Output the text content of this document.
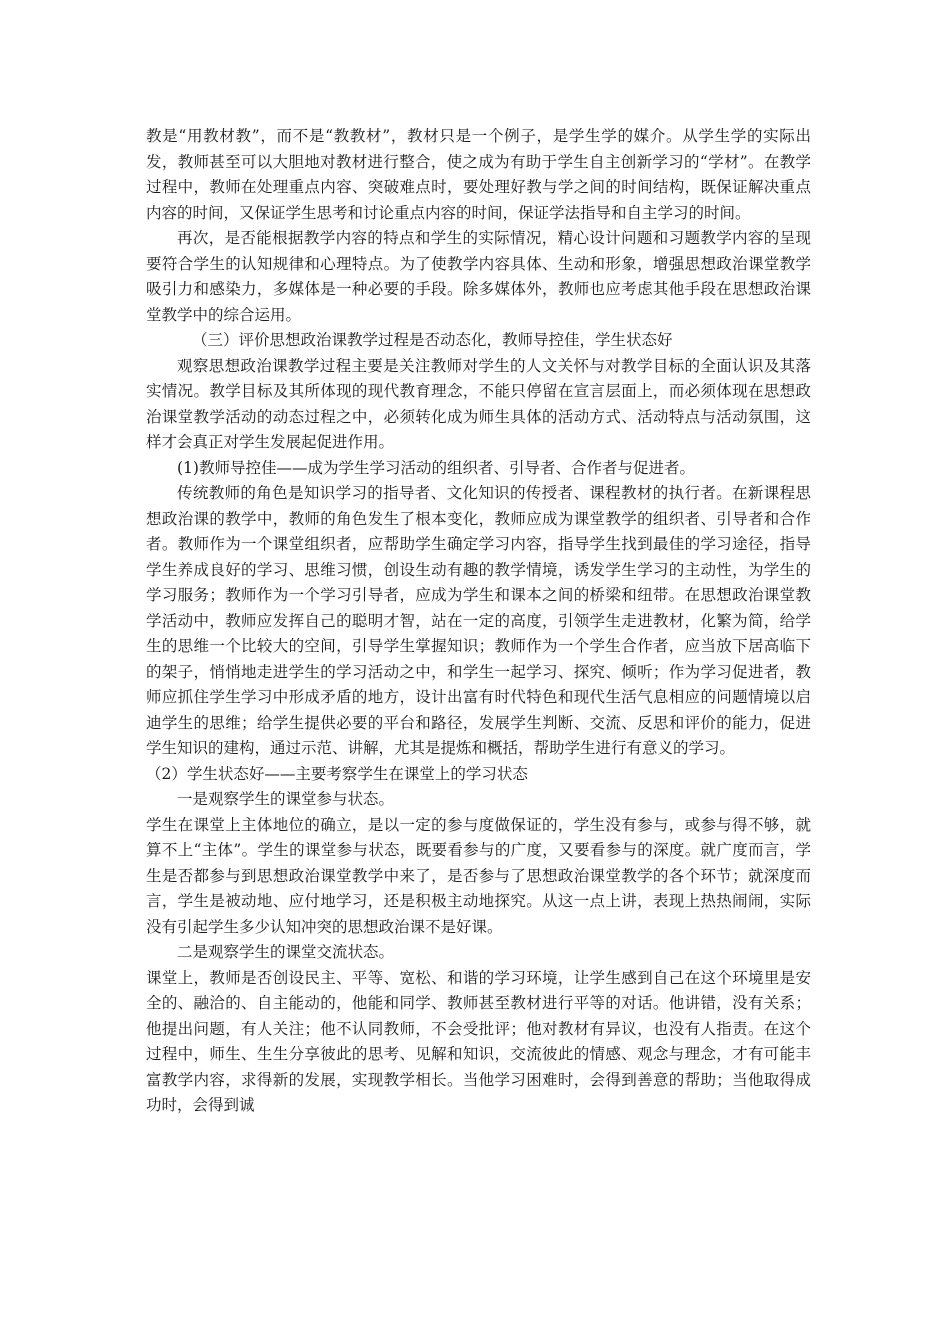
教是“用教材教”，而不是“教教材”，教材只是一个例子，是学生学的媒介。从学生学的实际出发，教师甚至可以大胆地对教材进行整合，使之成为有助于学生自主创新学习的“学材”。在教学过程中，教师在处理重点内容、突破难点时，要处理好教与学之间的时间结构，既保证解决重点内容的时间，又保证学生思考和讨论重点内容的时间，保证学法指导和自主学习的时间。

再次，是否能根据教学内容的特点和学生的实际情况，精心设计问题和习题教学内容的呈现要符合学生的认知规律和心理特点。为了使教学内容具体、生动和形象，增强思想政治课堂教学吸引力和感染力，多媒体是一种必要的手段。除多媒体外，教师也应考虑其他手段在思想政治课堂教学中的综合运用。

（三）评价思想政治课教学过程是否动态化，教师导控佳，学生状态好

观察思想政治课教学过程主要是关注教师对学生的人文关怀与对教学目标的全面认识及其落实情况。教学目标及其所体现的现代教育理念，不能只停留在宣言层面上，而必须体现在思想政治课堂教学活动的动态过程之中，必须转化成为师生具体的活动方式、活动特点与活动氛围，这样才会真正对学生发展起促进作用。

(1)教师导控佳——成为学生学习活动的组织者、引导者、合作者与促进者。

传统教师的角色是知识学习的指导者、文化知识的传授者、课程教材的执行者。在新课程思想政治课的教学中，教师的角色发生了根本变化，教师应成为课堂教学的组织者、引导者和合作者。教师作为一个课堂组织者，应帮助学生确定学习内容，指导学生找到最佳的学习途径，指导学生养成良好的学习、思维习惯，创设生动有趣的教学情境，诱发学生学习的主动性，为学生的学习服务；教师作为一个学习引导者，应成为学生和课本之间的桥梁和纽带。在思想政治课堂教学活动中，教师应发挥自己的聪明才智，站在一定的高度，引领学生走进教材，化繁为简，给学生的思维一个比较大的空间，引导学生掌握知识；教师作为一个学生合作者，应当放下居高临下的架子，悄悄地走进学生的学习活动之中，和学生一起学习、探究、倾听；作为学习促进者，教师应抓住学生学习中形成矛盾的地方，设计出富有时代特色和现代生活气息相应的问题情境以启迪学生的思维；给学生提供必要的平台和路径，发展学生判断、交流、反思和评价的能力，促进学生知识的建构，通过示范、讲解，尤其是提炼和概括，帮助学生进行有意义的学习。

（2）学生状态好——主要考察学生在课堂上的学习状态

一是观察学生的课堂参与状态。

学生在课堂上主体地位的确立，是以一定的参与度做保证的，学生没有参与，或参与得不够，就算不上“主体”。学生的课堂参与状态，既要看参与的广度，又要看参与的深度。就广度而言，学生是否都参与到思想政治课堂教学中来了，是否参与了思想政治课堂教学的各个环节；就深度而言，学生是被动地、应付地学习，还是积极主动地探究。从这一点上讲，表现上热热闹闹，实际没有引起学生多少认知冲突的思想政治课不是好课。

二是观察学生的课堂交流状态。

课堂上，教师是否创设民主、平等、宽松、和谐的学习环境，让学生感到自己在这个环境里是安全的、融洽的、自主能动的，他能和同学、教师甚至教材进行平等的对话。他讲错，没有关系；他提出问题，有人关注；他不认同教师，不会受批评；他对教材有异议，也没有人指责。在这个过程中，师生、生生分享彼此的思考、见解和知识，交流彼此的情感、观念与理念，才有可能丰富教学内容，求得新的发展，实现教学相长。当他学习困难时，会得到善意的帮助；当他取得成功时，会得到诚
